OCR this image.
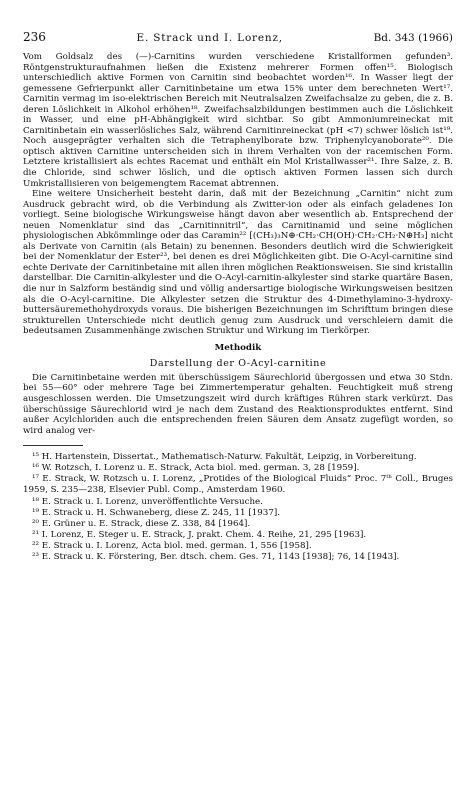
236	E. Strack und I. Lorenz,	Bd. 343 (1966)

Vom Goldsalz des (—)-Carnitins wurden verschiedene Kristallformen gefunden³. Röntgenstrukturaufnahmen ließen die Existenz mehrerer Formen offen¹⁵. Biologisch unterschiedlich aktive Formen von Carnitin sind beobachtet worden¹⁶. In Wasser liegt der gemessene Gefrierpunkt aller Carnitinbetaine um etwa 15% unter dem berechneten Wert¹⁷. Carnitin vermag im iso-elektrischen Bereich mit Neutralsalzen Zweifachsalze zu geben, die z. B. deren Löslichkeit in Alkohol erhöhen¹⁸. Zweifachsalzbildungen bestimmen auch die Löslichkeit in Wasser, und eine pH-Abhängigkeit wird sichtbar. So gibt Ammoniumreineckat mit Carnitinbetain ein wasserlösliches Salz, während Carnitinreineckat (pH <7) schwer löslich ist¹⁹. Noch ausgeprägter verhalten sich die Tetraphenylborate bzw. Triphenylcyanoborate²⁰. Die optisch aktiven Carnitine unterscheiden sich in ihrem Verhalten von der racemischen Form. Letztere kristallisiert als echtes Racemat und enthält ein Mol Kristallwasser²¹. Ihre Salze, z. B. die Chloride, sind schwer löslich, und die optisch aktiven Formen lassen sich durch Umkristallisieren von beigemengtem Racemat abtrennen.

Eine weitere Unsicherheit besteht darin, daß mit der Bezeichnung „Carnitin“ nicht zum Ausdruck gebracht wird, ob die Verbindung als Zwitter-ion oder als einfach geladenes Ion vorliegt. Seine biologische Wirkungsweise hängt davon aber wesentlich ab. Entsprechend der neuen Nomenklatur sind das „Carnitinnitril“, das Carnitinamid und seine möglichen physiologischen Abkömmlinge oder das Caramin²² [(CH₃)₃N⊕·CH₂·CH(OH)·CH₂·CH₂·N⊕H₃] nicht als Derivate von Carnitin (als Betain) zu benennen. Besonders deutlich wird die Schwierigkeit bei der Nomenklatur der Ester²³, bei denen es drei Möglichkeiten gibt. Die O-Acyl-carnitine sind echte Derivate der Carnitinbetaine mit allen ihren möglichen Reaktionsweisen. Sie sind kristallin darstellbar. Die Carnitin-alkylester und die O-Acyl-carnitin-alkylester sind starke quartäre Basen, die nur in Salzform beständig sind und völlig andersartige biologische Wirkungsweisen besitzen als die O-Acyl-carnitine. Die Alkylester setzen die Struktur des 4-Dimethylamino-3-hydroxy-buttersäuremethohydroxyds voraus. Die bisherigen Bezeichnungen im Schrifttum bringen diese strukturellen Unterschiede nicht deutlich genug zum Ausdruck und verschleiern damit die bedeutsamen Zusammenhänge zwischen Struktur und Wirkung im Tierkörper.

Methodik
Darstellung der O-Acyl-carnitine

Die Carnitinbetaine werden mit überschüssigem Säurechlorid übergossen und etwa 30 Stdn. bei 55—60° oder mehrere Tage bei Zimmertemperatur gehalten. Feuchtigkeit muß streng ausgeschlossen werden. Die Umsetzungszeit wird durch kräftiges Rühren stark verkürzt. Das überschüssige Säurechlorid wird je nach dem Zustand des Reaktionsproduktes entfernt. Sind außer Acylchloriden auch die entsprechenden freien Säuren dem Ansatz zugefügt worden, so wird analog ver-

¹⁵ H. Hartenstein, Dissertat., Mathematisch-Naturw. Fakultät, Leipzig, in Vorbereitung.

¹⁶ W. Rotzsch, I. Lorenz u. E. Strack, Acta biol. med. german. 3, 28 [1959].

¹⁷ E. Strack, W. Rotzsch u. I. Lorenz, „Protides of the Biological Fluids“ Proc. 7ᵗʰ Coll., Bruges 1959, S. 235—238, Elsevier Publ. Comp., Amsterdam 1960.

¹⁸ E. Strack u. I. Lorenz, unveröffentlichte Versuche.

¹⁹ E. Strack u. H. Schwaneberg, diese Z. 245, 11 [1937].

²⁰ E. Grüner u. E. Strack, diese Z. 338, 84 [1964].

²¹ I. Lorenz, E. Steger u. E. Strack, J. prakt. Chem. 4. Reihe, 21, 295 [1963].

²² E. Strack u. I. Lorenz, Acta biol. med. german. 1, 556 [1958].

²³ E. Strack u. K. Förstering, Ber. dtsch. chem. Ges. 71, 1143 [1938]; 76, 14 [1943].
